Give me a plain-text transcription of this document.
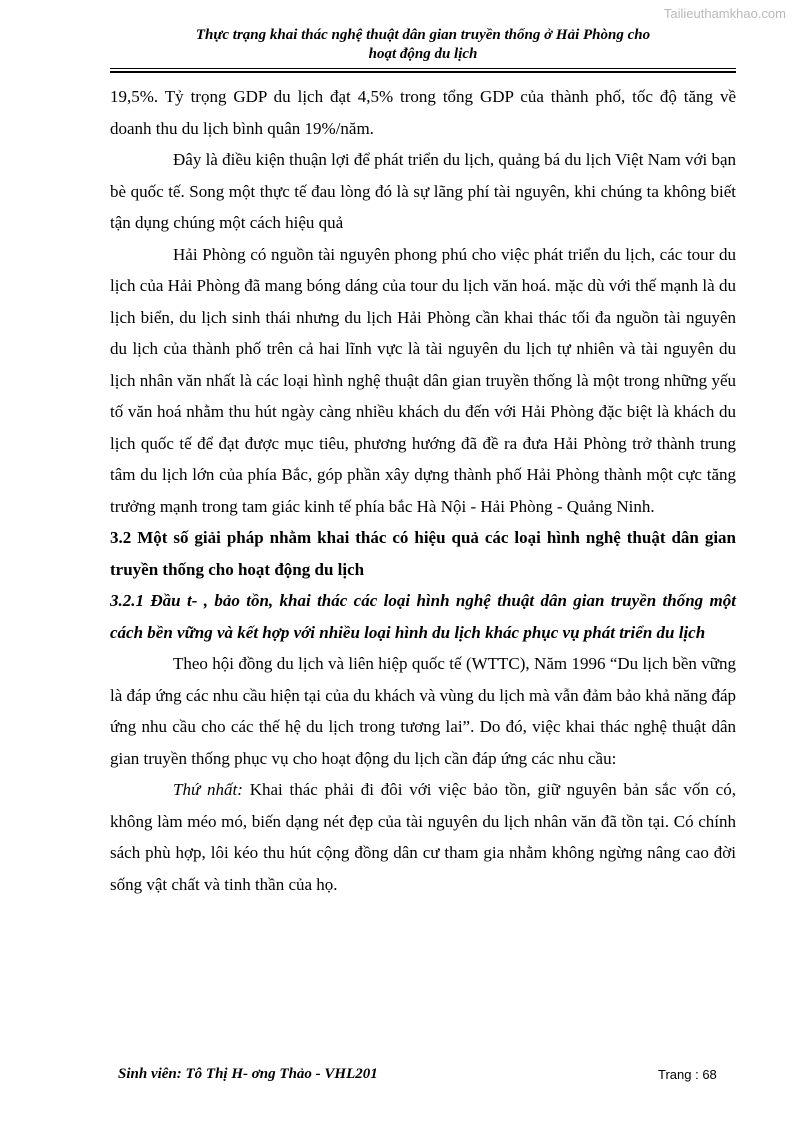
Tailieuthamkhao.com
Thực trạng khai thác nghệ thuật dân gian truyền thống ở Hải Phòng cho
hoạt động du lịch

19,5%. Tỷ trọng GDP du lịch đạt 4,5% trong tổng GDP của thành phố, tốc độ tăng về doanh thu du lịch bình quân 19%/năm.

Đây là điều kiện thuận lợi để phát triển du lịch, quảng bá du lịch Việt Nam với bạn bè quốc tế. Song một thực tế đau lòng đó là sự lãng phí tài nguyên, khi chúng ta không biết tận dụng chúng một cách hiệu quả

Hải Phòng có nguồn tài nguyên phong phú cho việc phát triển du lịch, các tour du lịch của Hải Phòng đã mang bóng dáng của tour du lịch văn hoá. mặc dù với thế mạnh là du lịch biển, du lịch sinh thái nhưng du lịch Hải Phòng cần khai thác tối đa nguồn tài nguyên du lịch của thành phố trên cả hai lĩnh vực là tài nguyên du lịch tự nhiên và tài nguyên du lịch nhân văn nhất là các loại hình nghệ thuật dân gian truyền thống là một trong những yếu tố văn hoá nhằm thu hút ngày càng nhiều khách du đến với Hải Phòng đặc biệt là khách du lịch quốc tế để đạt được mục tiêu, phương hướng đã đề ra đưa Hải Phòng trở thành trung tâm du lịch lớn của phía Bắc, góp phần xây dựng thành phố Hải Phòng thành một cực tăng trưởng mạnh trong tam giác kinh tế phía bắc Hà Nội - Hải Phòng - Quảng Ninh.

3.2 Một số giải pháp nhằm khai thác có hiệu quả các loại hình nghệ thuật dân gian truyền thống cho hoạt động du lịch

3.2.1 Đầu t- , bảo tồn, khai thác các loại hình nghệ thuật dân gian truyền thống một cách bền vững và kết hợp với nhiều loại hình du lịch khác phục vụ phát triển du lịch

Theo hội đồng du lịch và liên hiệp quốc tế (WTTC), Năm 1996 “Du lịch bền vững là đáp ứng các nhu cầu hiện tại của du khách và vùng du lịch mà vẫn đảm bảo khả năng đáp ứng nhu cầu cho các thế hệ du lịch trong tương lai”. Do đó, việc khai thác nghệ thuật dân gian truyền thống phục vụ cho hoạt động du lịch cần đáp ứng các nhu cầu:

Thứ nhất: Khai thác phải đi đôi với việc bảo tồn, giữ nguyên bản sắc vốn có, không làm méo mó, biến dạng nét đẹp của tài nguyên du lịch nhân văn đã tồn tại. Có chính sách phù hợp, lôi kéo thu hút cộng đồng dân cư tham gia nhằm không ngừng nâng cao đời sống vật chất và tinh thần của họ.

Sinh viên: Tô Thị H- ơng Thảo - VHL201	Trang : 68
